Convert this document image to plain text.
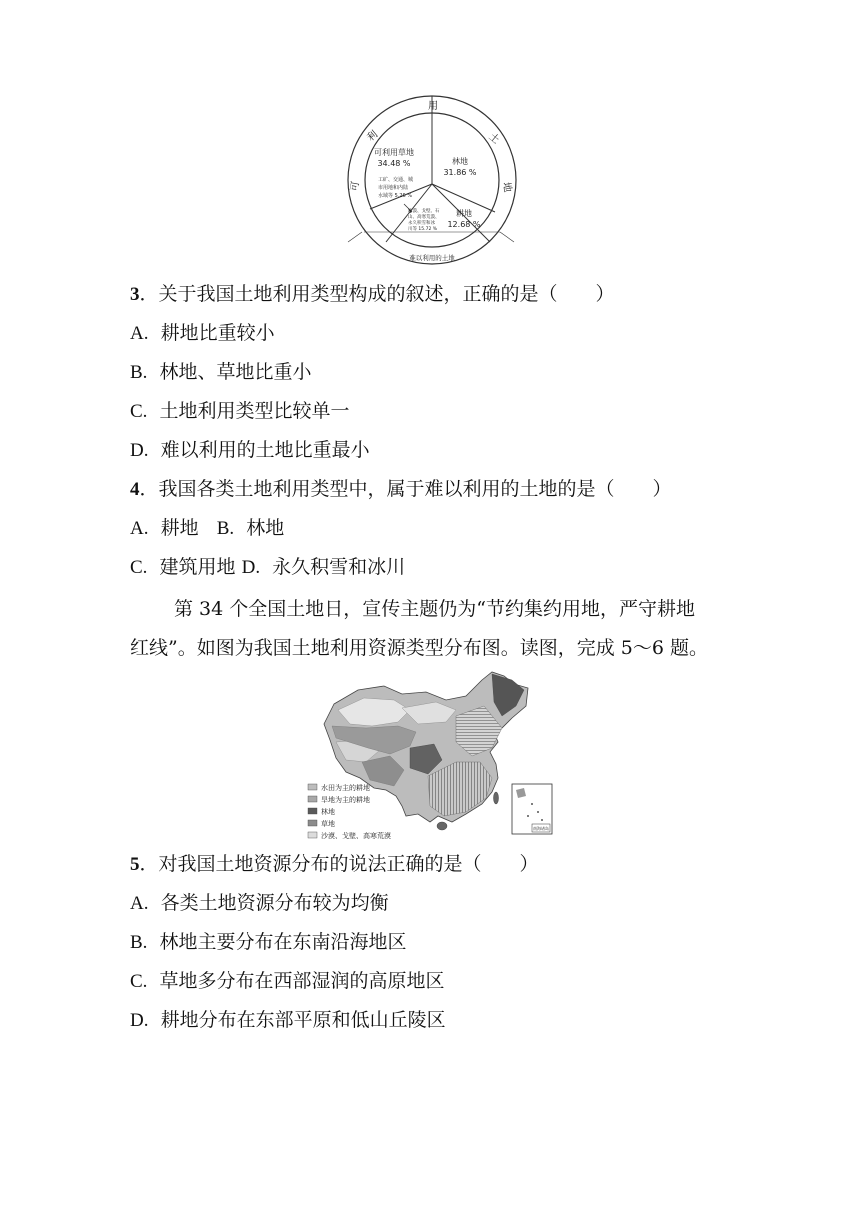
用
利
可
土
地
难以利用的土地
可利用草地
34.48 %	林地
31.86 %
耕地
12.68 %
工矿、交通、城
市用地和内陆
水域等 5.26 %
沙漠、戈壁、石
山、高寒荒漠、
永久积雪和冰
川等 15.72 %
3．关于我国土地利用类型构成的叙述，正确的是（　　）
A. 耕地比重较小
B. 林地、草地比重小
C. 土地利用类型比较单一
D. 难以利用的土地比重最小
4．我国各类土地利用类型中，属于难以利用的土地的是（　　）
A. 耕地 B. 林地
C. 建筑用地 D. 永久积雪和冰川
第 34 个全国土地日，宣传主题仍为“节约集约用地，严守耕地
红线”。如图为我国土地利用资源类型分布图。读图，完成 5～6 题。
南海诸岛
水田为主的耕地
旱地为主的耕地
林地
草地
沙漠、戈壁、高寒荒漠
5．对我国土地资源分布的说法正确的是（　　）
A. 各类土地资源分布较为均衡
B. 林地主要分布在东南沿海地区
C. 草地多分布在西部湿润的高原地区
D. 耕地分布在东部平原和低山丘陵区
